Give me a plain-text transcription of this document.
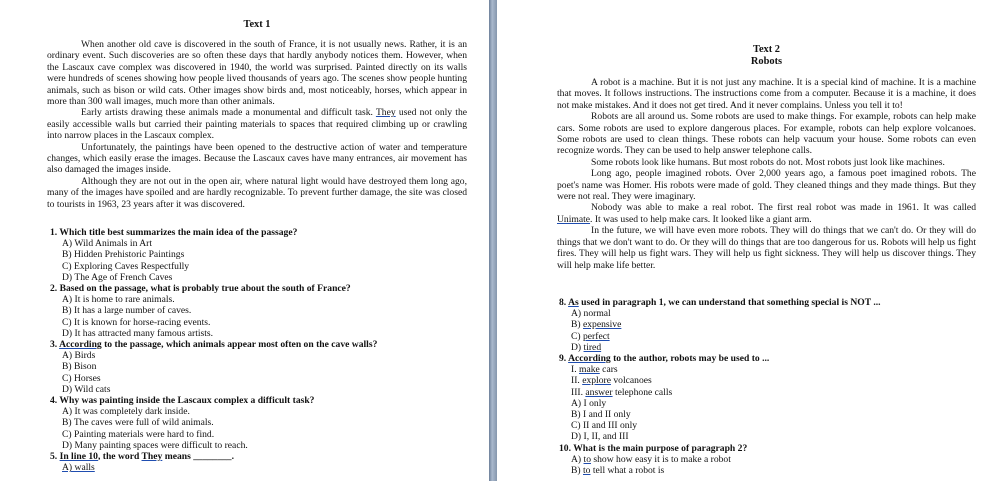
Text 1

When another old cave is discovered in the south of France, it is not usually news. Rather, it is an ordinary event. Such discoveries are so often these days that hardly anybody notices them. However, when the Lascaux cave complex was discovered in 1940, the world was surprised. Painted directly on its walls were hundreds of scenes showing how people lived thousands of years ago. The scenes show people hunting animals, such as bison or wild cats. Other images show birds and, most noticeably, horses, which appear in more than 300 wall images, much more than other animals.

Early artists drawing these animals made a monumental and difficult task. They used not only the easily accessible walls but carried their painting materials to spaces that required climbing up or crawling into narrow places in the Lascaux complex.

Unfortunately, the paintings have been opened to the destructive action of water and temperature changes, which easily erase the images. Because the Lascaux caves have many entrances, air movement has also damaged the images inside.

Although they are not out in the open air, where natural light would have destroyed them long ago, many of the images have spoiled and are hardly recognizable. To prevent further damage, the site was closed to tourists in 1963, 23 years after it was discovered.

1. Which title best summarizes the main idea of the passage?

A) Wild Animals in Art

B) Hidden Prehistoric Paintings

C) Exploring Caves Respectfully

D) The Age of French Caves

2. Based on the passage, what is probably true about the south of France?

A) It is home to rare animals.

B) It has a large number of caves.

C) It is known for horse-racing events.

D) It has attracted many famous artists.

3. According to the passage, which animals appear most often on the cave walls?

A) Birds

B) Bison

C) Horses

D) Wild cats

4. Why was painting inside the Lascaux complex a difficult task?

A) It was completely dark inside.

B) The caves were full of wild animals.

C) Painting materials were hard to find.

D) Many painting spaces were difficult to reach.

5. In line 10, the word They means ________.

A) walls

Text 2
Robots

A robot is a machine. But it is not just any machine. It is a special kind of machine. It is a machine that moves. It follows instructions. The instructions come from a computer. Because it is a machine, it does not make mistakes. And it does not get tired. And it never complains. Unless you tell it to!

Robots are all around us. Some robots are used to make things. For example, robots can help make cars. Some robots are used to explore dangerous places. For example, robots can help explore volcanoes. Some robots are used to clean things. These robots can help vacuum your house. Some robots can even recognize words. They can be used to help answer telephone calls.

Some robots look like humans. But most robots do not. Most robots just look like machines.

Long ago, people imagined robots. Over 2,000 years ago, a famous poet imagined robots. The poet's name was Homer. His robots were made of gold. They cleaned things and they made things. But they were not real. They were imaginary.

Nobody was able to make a real robot. The first real robot was made in 1961. It was called Unimate. It was used to help make cars. It looked like a giant arm.

In the future, we will have even more robots. They will do things that we can't do. Or they will do things that we don't want to do. Or they will do things that are too dangerous for us. Robots will help us fight fires. They will help us fight wars. They will help us fight sickness. They will help us discover things. They will help make life better.

8. As used in paragraph 1, we can understand that something special is NOT ...

A) normal

B) expensive

C) perfect

D) tired

9. According to the author, robots may be used to ...

I. make cars

II. explore volcanoes

III. answer telephone calls

A) I only

B) I and II only

C) II and III only

D) I, II, and III

10. What is the main purpose of paragraph 2?

A) to show how easy it is to make a robot

B) to tell what a robot is
